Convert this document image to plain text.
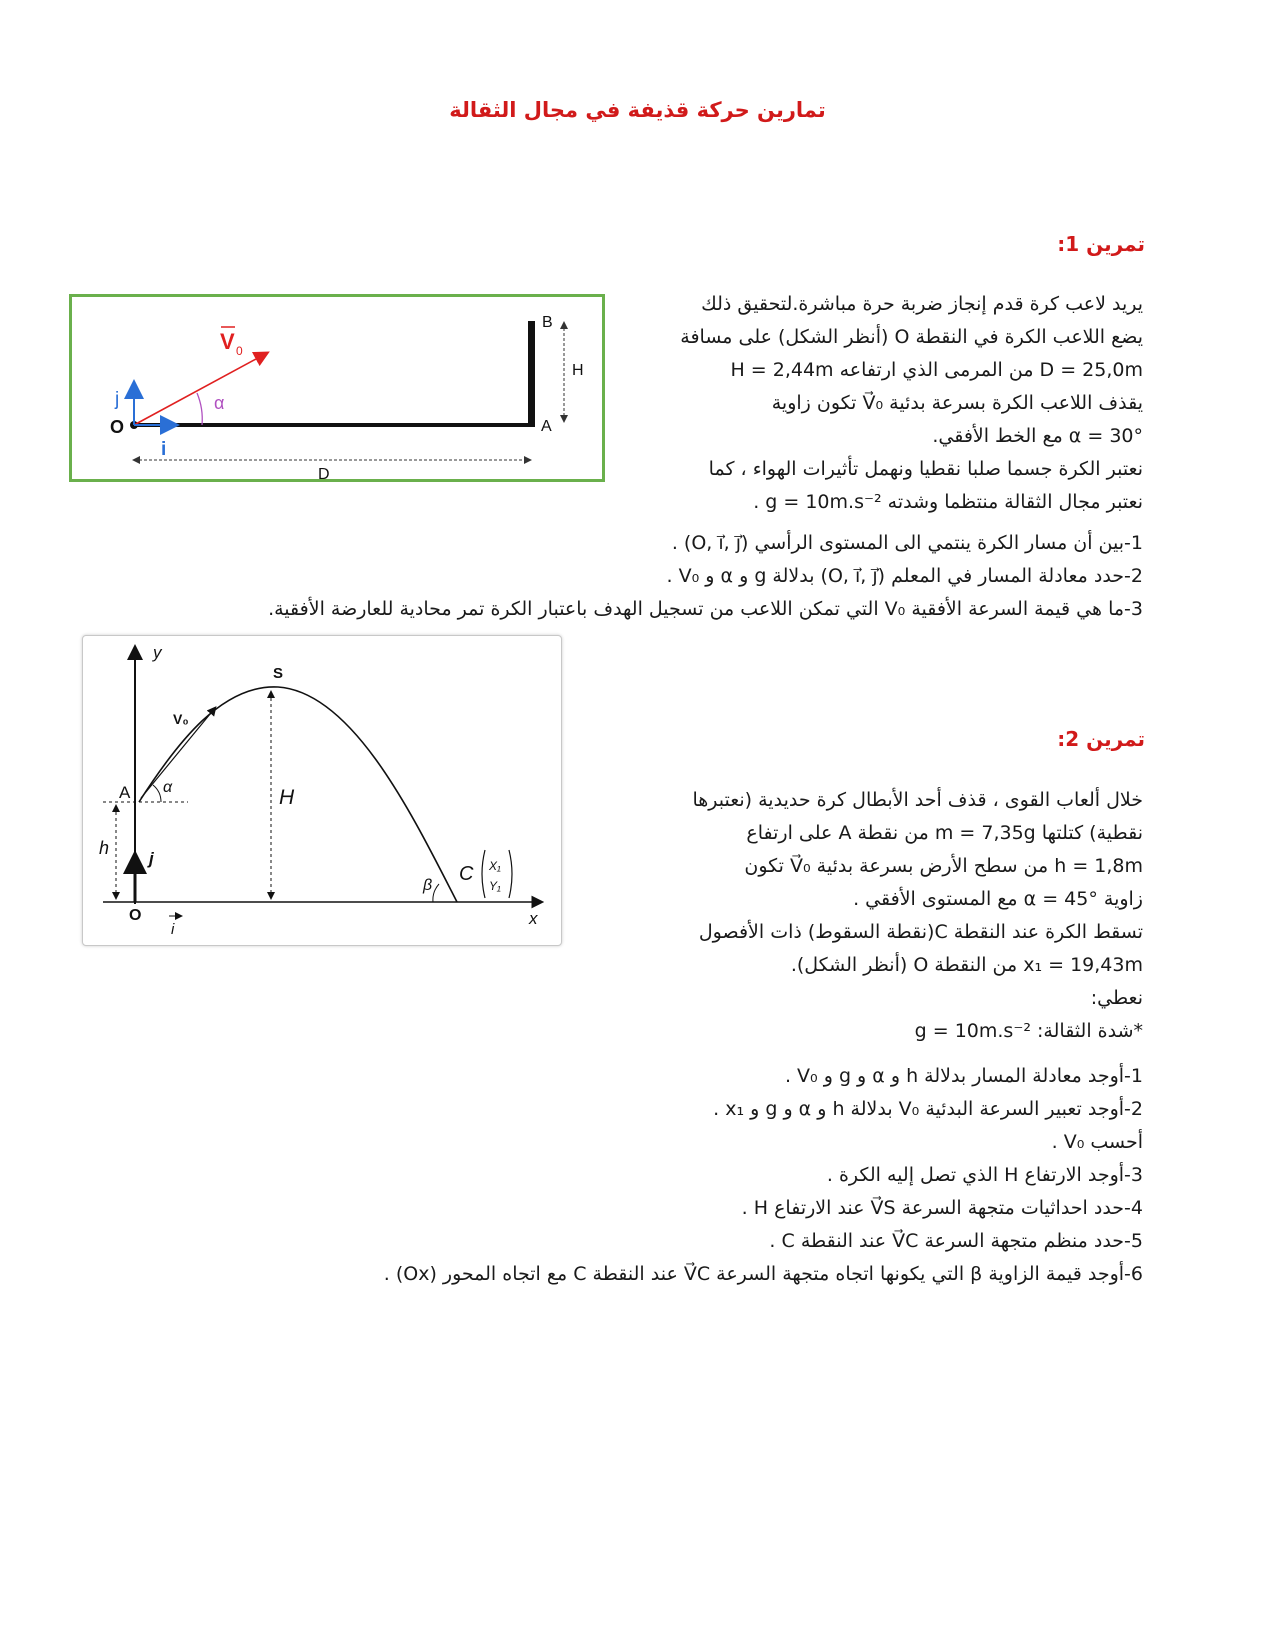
تمارين حركة قذيفة في مجال الثقالة
تمرين 1:
يريد لاعب كرة قدم إنجاز ضربة حرة مباشرة.لتحقيق ذلك
يضع اللاعب الكرة في النقطة O (أنظر الشكل) على مسافة
D = 25,0m من المرمى الذي ارتفاعه H = 2,44m
يقذف اللاعب الكرة بسرعة بدئية V⃗₀ تكون زاوية
α = 30° مع الخط الأفقي.
نعتبر الكرة جسما صلبا نقطيا ونهمل تأثيرات الهواء ، كما
نعتبر مجال الثقالة منتظما وشدته g = 10m.s⁻² .
1-بين أن مسار الكرة ينتمي الى المستوى الرأسي (O, i⃗, j⃗) .
2-حدد معادلة المسار في المعلم (O, i⃗, j⃗) بدلالة g و α و V₀ .
3-ما هي قيمة السرعة الأفقية V₀ التي تمكن اللاعب من تسجيل الهدف باعتبار الكرة تمر محادية للعارضة الأفقية.
V 0
α
j
i
O	A
B
H
D
تمرين 2:
خلال ألعاب القوى ، قذف أحد الأبطال كرة حديدية (نعتبرها
نقطية) كتلتها m = 7,35g من نقطة A على ارتفاع
h = 1,8m من سطح الأرض بسرعة بدئية V⃗₀ تكون
زاوية α = 45° مع المستوى الأفقي .
تسقط الكرة عند النقطة C(نقطة السقوط) ذات الأفصول
x₁ = 19,43m من النقطة O (أنظر الشكل).
نعطي:
*شدة الثقالة: g = 10m.s⁻²
1-أوجد معادلة المسار بدلالة h و α و g و V₀ .
2-أوجد تعبير السرعة البدئية V₀ بدلالة h و α و g و x₁ .
أحسب V₀ .
3-أوجد الارتفاع H الذي تصل إليه الكرة .
4-حدد احداثيات متجهة السرعة V⃗S عند الارتفاع H .
5-حدد منظم متجهة السرعة V⃗C عند النقطة C .
6-أوجد قيمة الزاوية β التي يكونها اتجاه متجهة السرعة V⃗C عند النقطة C مع اتجاه المحور (Ox) .
y
x
S
V₀
A α
h
H
j
i
O
β
C X₁
Y₁
